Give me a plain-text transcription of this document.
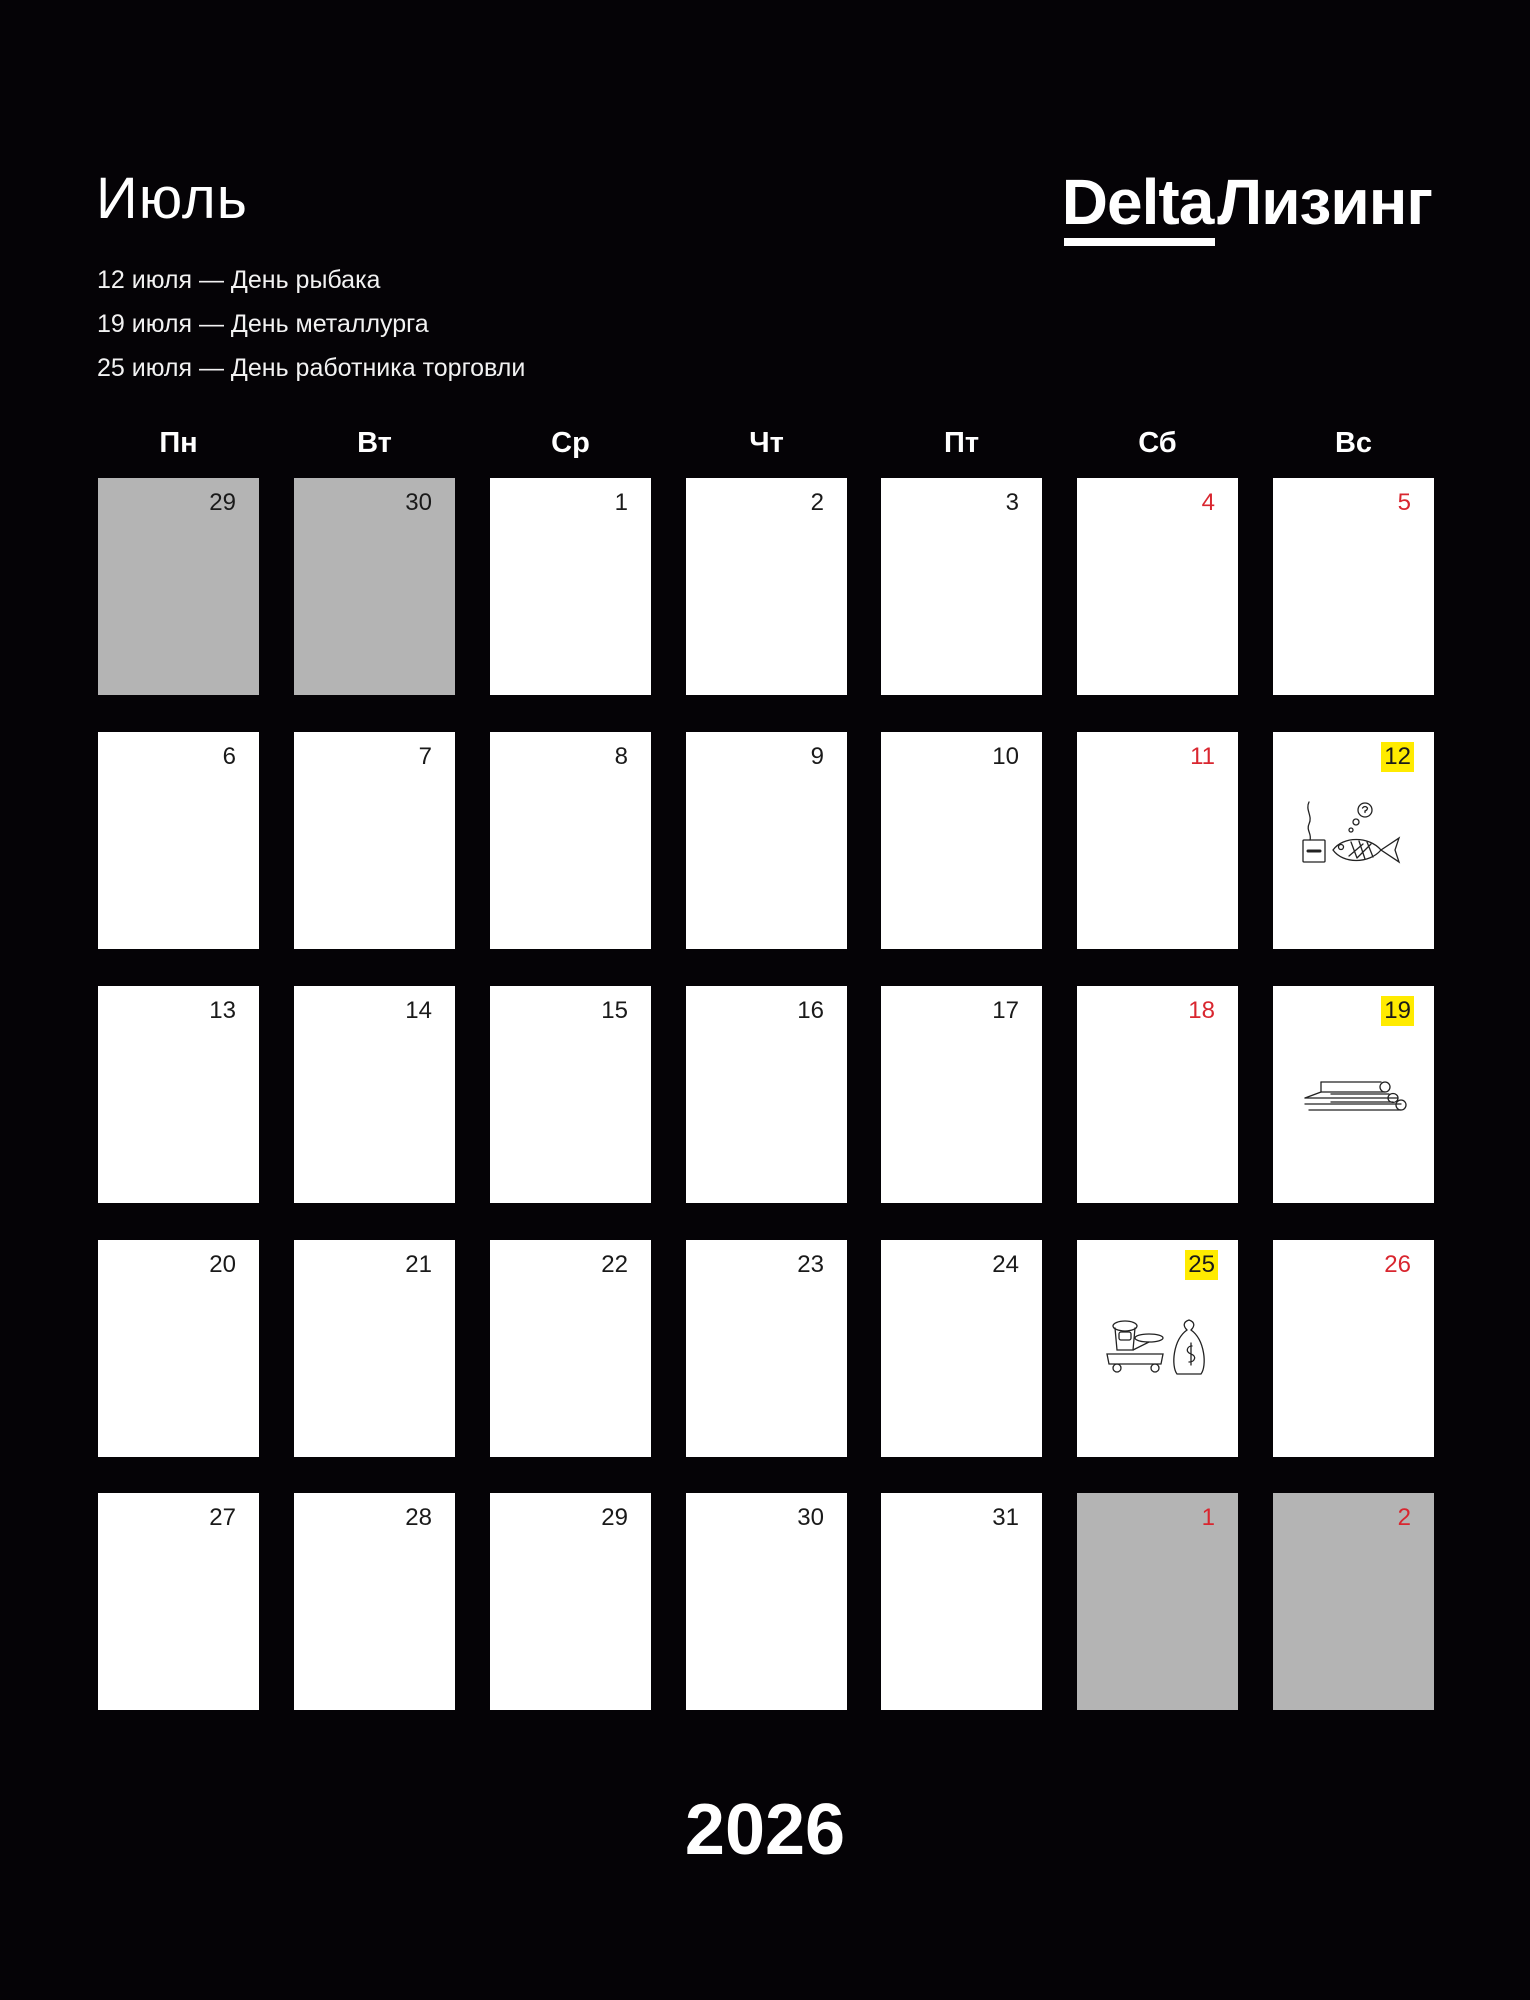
Июль
12 июля — День рыбака
19 июля — День металлурга
25 июля — День работника торговли
Delta Лизинг
Пн	Вт	Ср	Чт	Пт	Сб	Вс
29	30	1	2	3	4	5
6	7	8	9	10	11	12
13	14	15	16	17	18	19
20	21	22	23	24	25	26
27	28	29	30	31	1	2
2026
